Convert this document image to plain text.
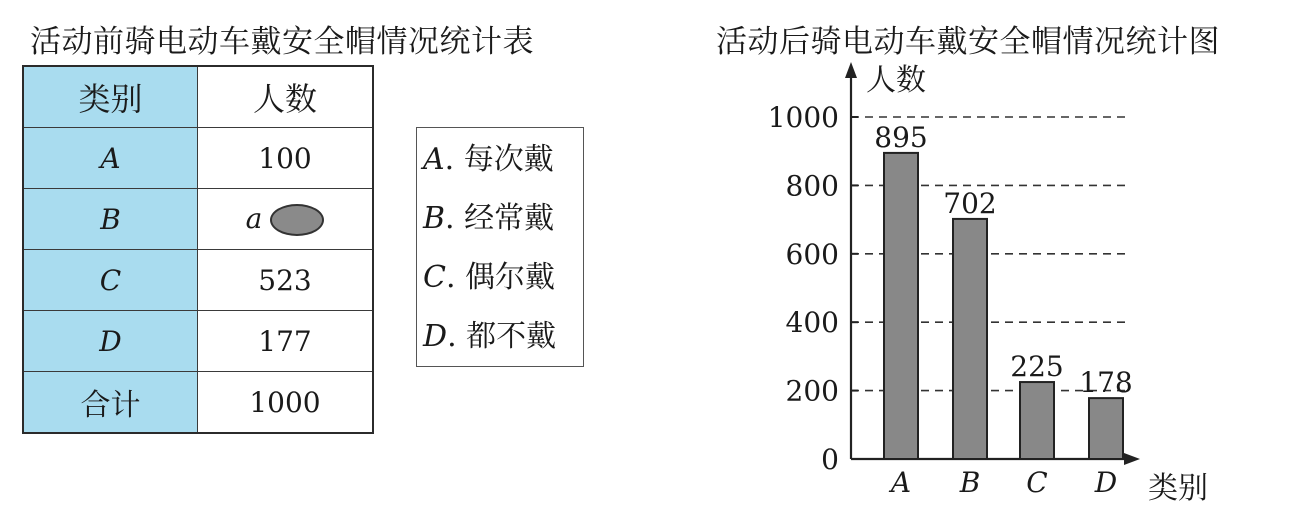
活动前骑电动车戴安全帽情况统计表	活动后骑电动车戴安全帽情况统计图
类别	人数
A	100
B	a
C	523
D	177
合计	1000
A. 每次戴
B. 经常戴
C. 偶尔戴
D. 都不戴
0
200
400
600
800
1000
人数
类别
895
A
702
B
225
C
178
D
